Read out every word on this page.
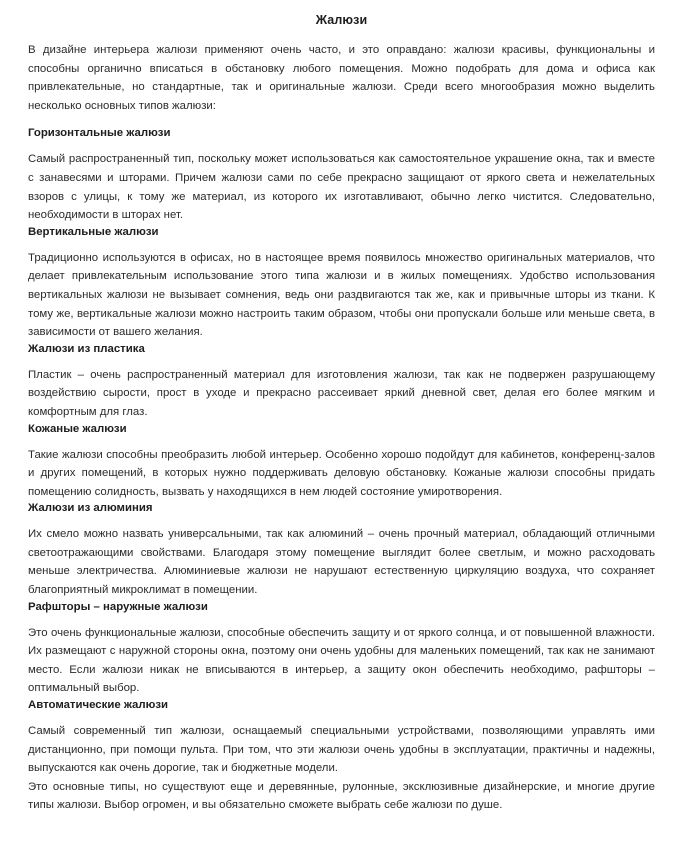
Жалюзи

В дизайне интерьера жалюзи применяют очень часто, и это оправдано: жалюзи красивы, функциональны и способны органично вписаться в обстановку любого помещения. Можно подобрать для дома и офиса как привлекательные, но стандартные, так и оригинальные жалюзи. Среди всего многообразия можно выделить несколько основных типов жалюзи:

Горизонтальные жалюзи

Самый распространенный тип, поскольку может использоваться как самостоятельное украшение окна, так и вместе с занавесями и шторами. Причем жалюзи сами по себе прекрасно защищают от яркого света и нежелательных взоров с улицы, к тому же материал, из которого их изготавливают, обычно легко чистится. Следовательно, необходимости в шторах нет.

Вертикальные жалюзи

Традиционно используются в офисах, но в настоящее время появилось множество оригинальных материалов, что делает привлекательным использование этого типа жалюзи и в жилых помещениях. Удобство использования вертикальных жалюзи не вызывает сомнения, ведь они раздвигаются так же, как и привычные шторы из ткани. К тому же, вертикальные жалюзи можно настроить таким образом, чтобы они пропускали больше или меньше света, в зависимости от вашего желания.

Жалюзи из пластика

Пластик – очень распространенный материал для изготовления жалюзи, так как не подвержен разрушающему воздействию сырости, прост в уходе и прекрасно рассеивает яркий дневной свет, делая его более мягким и комфортным для глаз.

Кожаные жалюзи

Такие жалюзи способны преобразить любой интерьер. Особенно хорошо подойдут для кабинетов, конференц-залов и других помещений, в которых нужно поддерживать деловую обстановку. Кожаные жалюзи способны придать помещению солидность, вызвать у находящихся в нем людей состояние умиротворения.

Жалюзи из алюминия

Их смело можно назвать универсальными, так как алюминий – очень прочный материал, обладающий отличными светоотражающими свойствами. Благодаря этому помещение выглядит более светлым, и можно расходовать меньше электричества. Алюминиевые жалюзи не нарушают естественную циркуляцию воздуха, что сохраняет благоприятный микроклимат в помещении.

Рафшторы – наружные жалюзи

Это очень функциональные жалюзи, способные обеспечить защиту и от яркого солнца, и от повышенной влажности. Их размещают с наружной стороны окна, поэтому они очень удобны для маленьких помещений, так как не занимают место. Если жалюзи никак не вписываются в интерьер, а защиту окон обеспечить необходимо, рафшторы – оптимальный выбор.

Автоматические жалюзи

Самый современный тип жалюзи, оснащаемый специальными устройствами, позволяющими управлять ими дистанционно, при помощи пульта. При том, что эти жалюзи очень удобны в эксплуатации, практичны и надежны, выпускаются как очень дорогие, так и бюджетные модели.

Это основные типы, но существуют еще и деревянные, рулонные, эксклюзивные дизайнерские, и многие другие типы жалюзи. Выбор огромен, и вы обязательно сможете выбрать себе жалюзи по душе.
